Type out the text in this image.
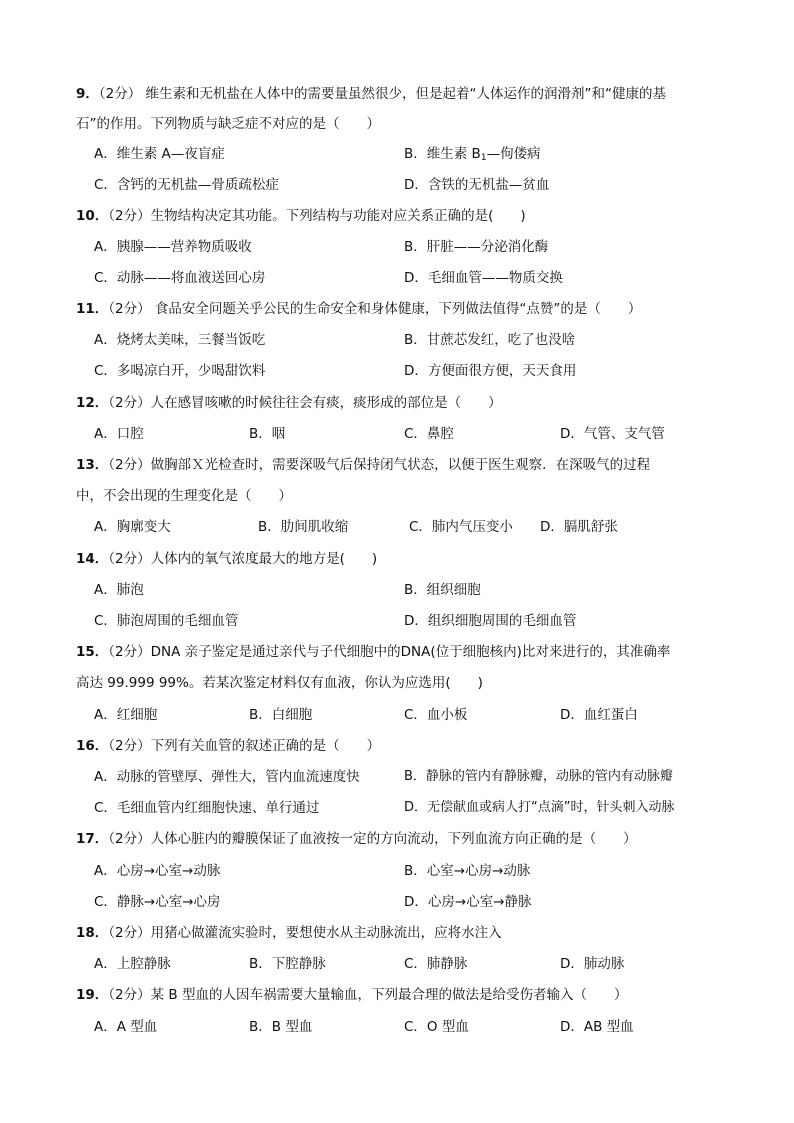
9．（2分） 维生素和无机盐在人体中的需要量虽然很少，但是起着“人体运作的润滑剂”和“健康的基
石”的作用。下列物质与缺乏症不对应的是（　　）
A．维生素 A—夜盲症	B．维生素 $B_1—$佝偻病
C．含钙的无机盐—骨质疏松症	D．含铁的无机盐—贫血
10．（2分）生物结构决定其功能。下列结构与功能对应关系正确的是(　　)
A．胰腺——营养物质吸收	B．肝脏——分泌消化酶
C．动脉——将血液送回心房	D．毛细血管——物质交换
11．（2分） 食品安全问题关乎公民的生命安全和身体健康，下列做法值得“点赞”的是（　　）
A．烧烤太美味，三餐当饭吃	B．甘蔗芯发红，吃了也没啥
C．多喝凉白开，少喝甜饮料	D．方便面很方便，天天食用
12．（2分）人在感冒咳嗽的时候往往会有痰，痰形成的部位是（　　）
A．口腔	B．咽	C．鼻腔	D．气管、支气管
13．（2分）做胸部Ｘ光检查时，需要深吸气后保持闭气状态，以便于医生观察．在深吸气的过程
中，不会出现的生理变化是（　　）
A．胸廓变大	B．肋间肌收缩	C．肺内气压变小 D．膈肌舒张
14．（2分）人体内的氧气浓度最大的地方是(　　)
A．肺泡	B．组织细胞
C．肺泡周围的毛细血管	D．组织细胞周围的毛细血管
15．（2分）DNA 亲子鉴定是通过亲代与子代细胞中的DNA(位于细胞核内)比对来进行的，其准确率
高达 99.999 99%。若某次鉴定材料仅有血液，你认为应选用(　　)
A．红细胞	B．白细胞	C．血小板	D．血红蛋白
16．（2分）下列有关血管的叙述正确的是（　　）
A．动脉的管壁厚、弹性大，管内血流速度快	B．静脉的管内有静脉瓣，动脉的管内有动脉瓣
C．毛细血管内红细胞快速、单行通过	D．无偿献血或病人打“点滴”时，针头刺入动脉
17．（2分）人体心脏内的瓣膜保证了血液按一定的方向流动，下列血流方向正确的是（　　）
A．心房→心室→动脉	B．心室→心房→动脉
C．静脉→心室→心房	D．心房→心室→静脉
18．（2分）用猪心做灌流实验时，要想使水从主动脉流出，应将水注入
A．上腔静脉	B．下腔静脉	C．肺静脉	D．肺动脉
19．（2分）某 B 型血的人因车祸需要大量输血，下列最合理的做法是给受伤者输入（　　）
A．A 型血	B．B 型血	C．O 型血	D．AB 型血
